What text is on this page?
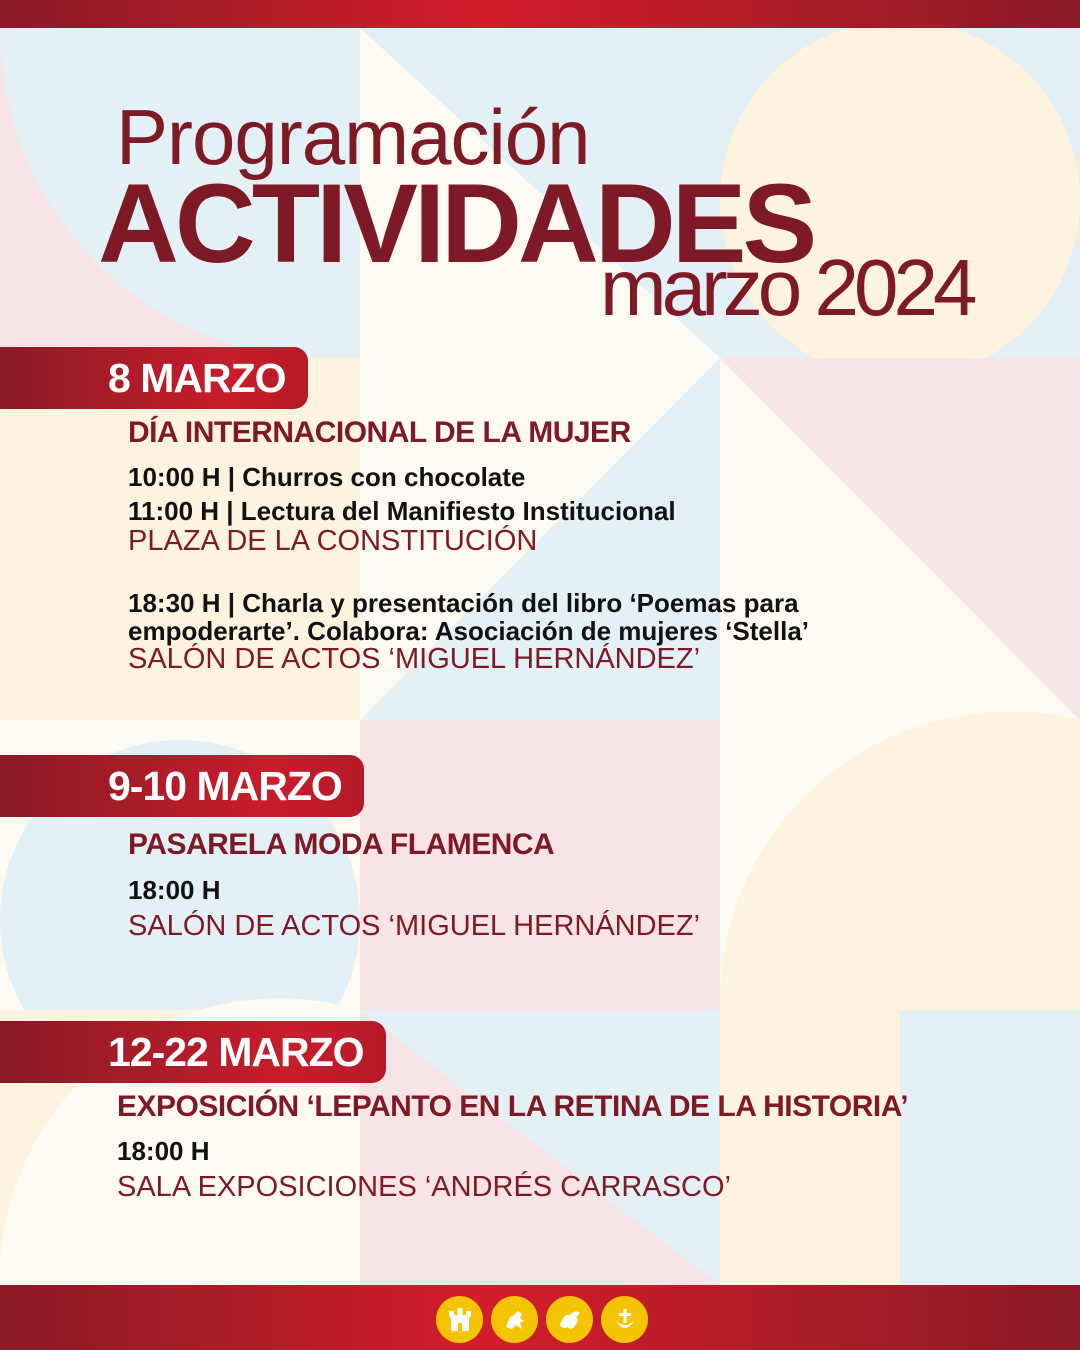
Programación
ACTIVIDADES
marzo 2024
8 MARZO
DÍA INTERNACIONAL DE LA MUJER
10:00 H | Churros con chocolate
11:00 H | Lectura del Manifiesto Institucional
PLAZA DE LA CONSTITUCIÓN
18:30 H | Charla y presentación del libro ‘Poemas para
empoderarte’. Colabora: Asociación de mujeres ‘Stella’
SALÓN DE ACTOS ‘MIGUEL HERNÁNDEZ’
9-10 MARZO
PASARELA MODA FLAMENCA
18:00 H
SALÓN DE ACTOS ‘MIGUEL HERNÁNDEZ’
12-22 MARZO
EXPOSICIÓN ‘LEPANTO EN LA RETINA DE LA HISTORIA’
18:00 H
SALA EXPOSICIONES ‘ANDRÉS CARRASCO’
